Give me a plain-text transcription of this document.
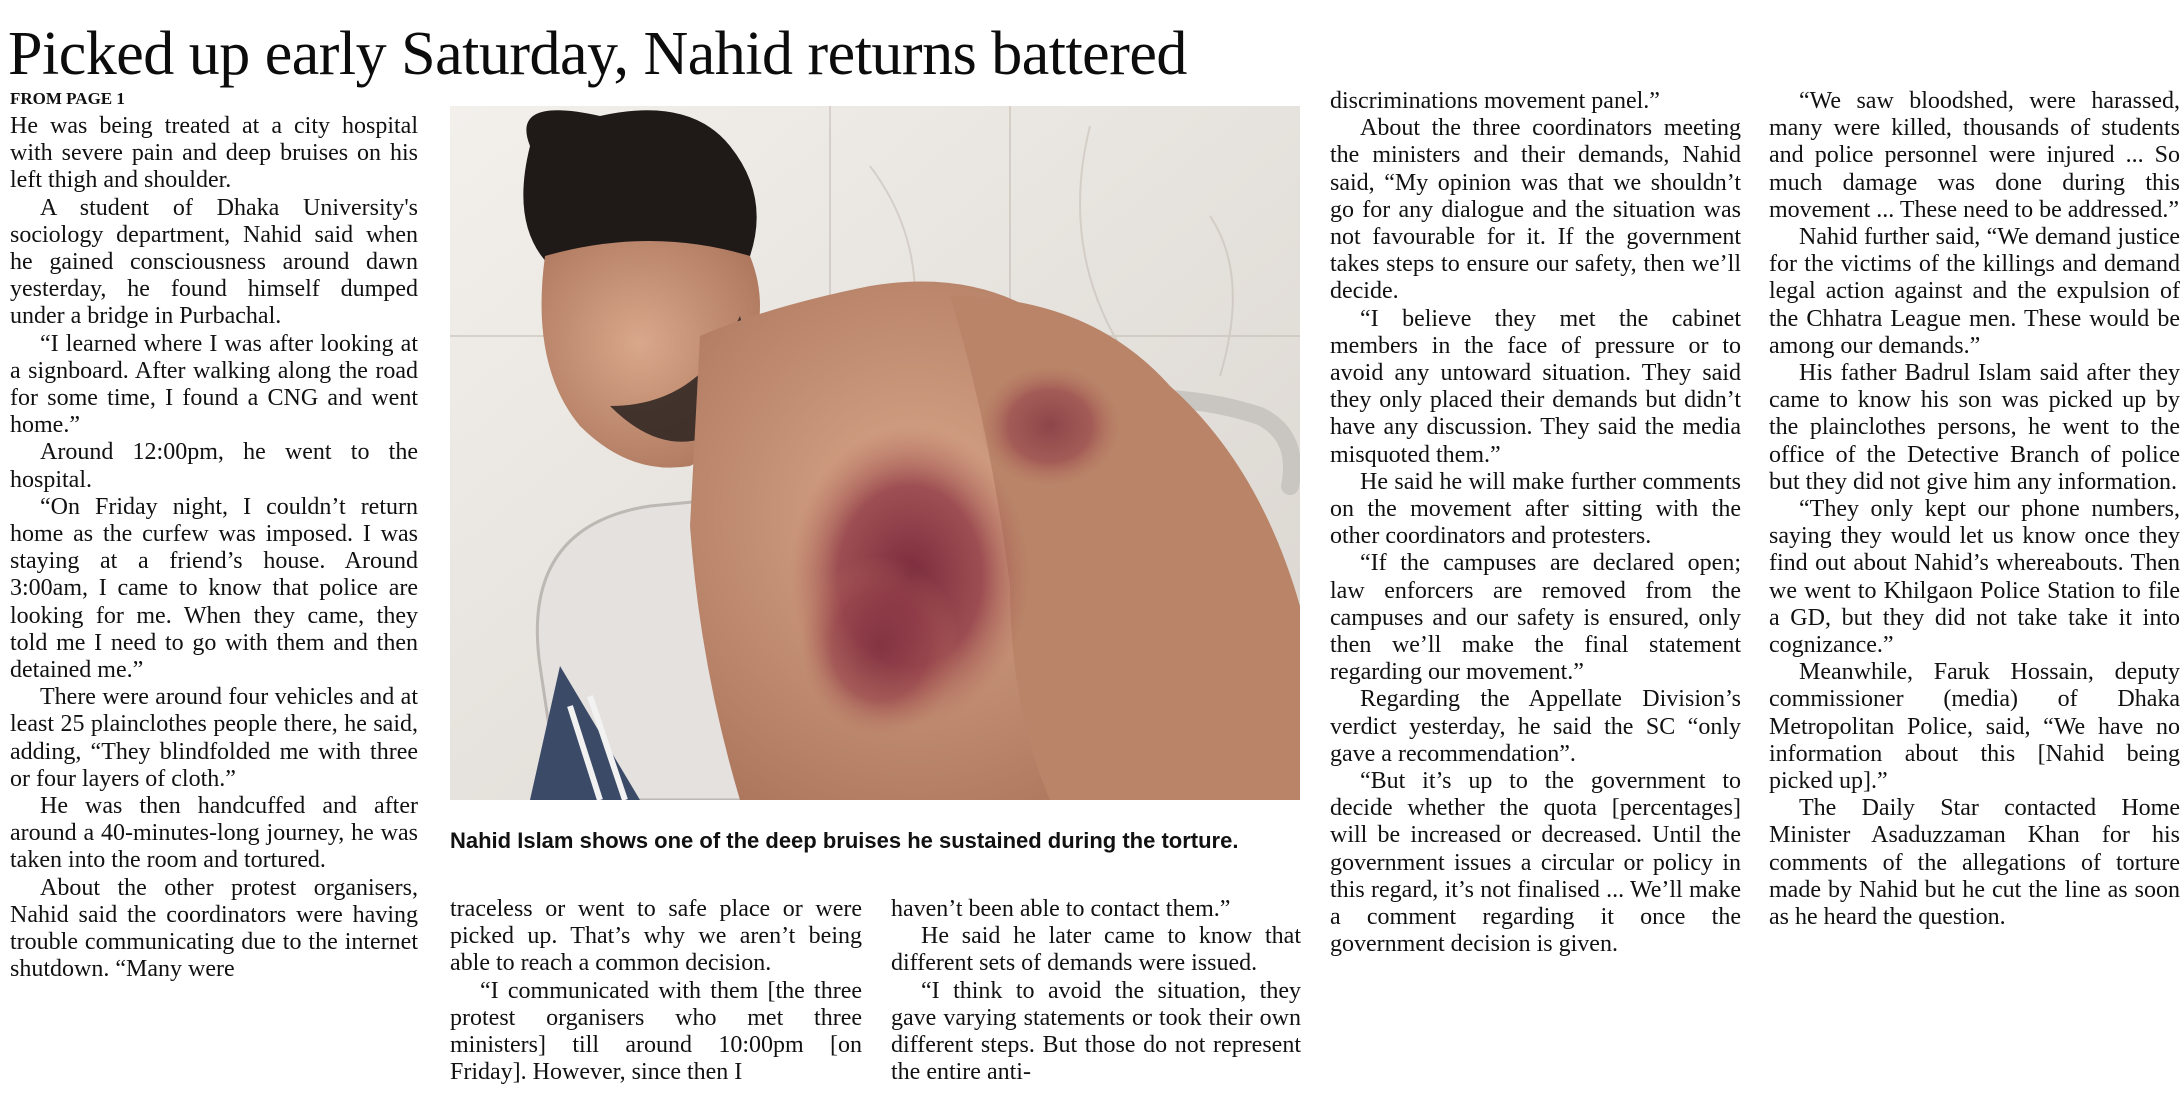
Picked up early Saturday, Nahid returns battered
FROM PAGE 1

He was being treated at a city hospital with severe pain and deep bruises on his left thigh and shoulder.

A student of Dhaka University's sociology department, Nahid said when he gained consciousness around dawn yesterday, he found himself dumped under a bridge in Purbachal.

“I learned where I was after looking at a signboard. After walking along the road for some time, I found a CNG and went home.”

Around 12:00pm, he went to the hospital.

“On Friday night, I couldn’t return home as the curfew was imposed. I was staying at a friend’s house. Around 3:00am, I came to know that police are looking for me. When they came, they told me I need to go with them and then detained me.”

There were around four vehicles and at least 25 plainclothes people there, he said, adding, “They blindfolded me with three or four layers of cloth.”

He was then handcuffed and after around a 40-minutes-long journey, he was taken into the room and tortured.

About the other protest organisers, Nahid said the coordinators were having trouble communicating due to the internet shutdown. “Many were

Nahid Islam shows one of the deep bruises he sustained during the torture.

traceless or went to safe place or were picked up. That’s why we aren’t being able to reach a common decision.

“I communicated with them [the three protest organisers who met three ministers] till around 10:00pm [on Friday]. However, since then I

haven’t been able to contact them.”

He said he later came to know that different sets of demands were issued.

“I think to avoid the situation, they gave varying statements or took their own different steps. But those do not represent the entire anti-

discriminations movement panel.”

About the three coordinators meeting the ministers and their demands, Nahid said, “My opinion was that we shouldn’t go for any dialogue and the situation was not favourable for it. If the government takes steps to ensure our safety, then we’ll decide.

“I believe they met the cabinet members in the face of pressure or to avoid any untoward situation. They said they only placed their demands but didn’t have any discussion. They said the media misquoted them.”

He said he will make further comments on the movement after sitting with the other coordinators and protesters.

“If the campuses are declared open; law enforcers are removed from the campuses and our safety is ensured, only then we’ll make the final statement regarding our movement.”

Regarding the Appellate Division’s verdict yesterday, he said the SC “only gave a recommendation”.

“But it’s up to the government to decide whether the quota [percentages] will be increased or decreased. Until the government issues a circular or policy in this regard, it’s not finalised ... We’ll make a comment regarding it once the government decision is given.

“We saw bloodshed, were harassed, many were killed, thousands of students and police personnel were injured ... So much damage was done during this movement ... These need to be addressed.”

Nahid further said, “We demand justice for the victims of the killings and demand legal action against and the expulsion of the Chhatra League men. These would be among our demands.”

His father Badrul Islam said after they came to know his son was picked up by the plainclothes persons, he went to the office of the Detective Branch of police but they did not give him any information.

“They only kept our phone numbers, saying they would let us know once they find out about Nahid’s whereabouts. Then we went to Khilgaon Police Station to file a GD, but they did not take take it into cognizance.”

Meanwhile, Faruk Hossain, deputy commissioner (media) of Dhaka Metropolitan Police, said, “We have no information about this [Nahid being picked up].”

The Daily Star contacted Home Minister Asaduzzaman Khan for his comments of the allegations of torture made by Nahid but he cut the line as soon as he heard the question.
